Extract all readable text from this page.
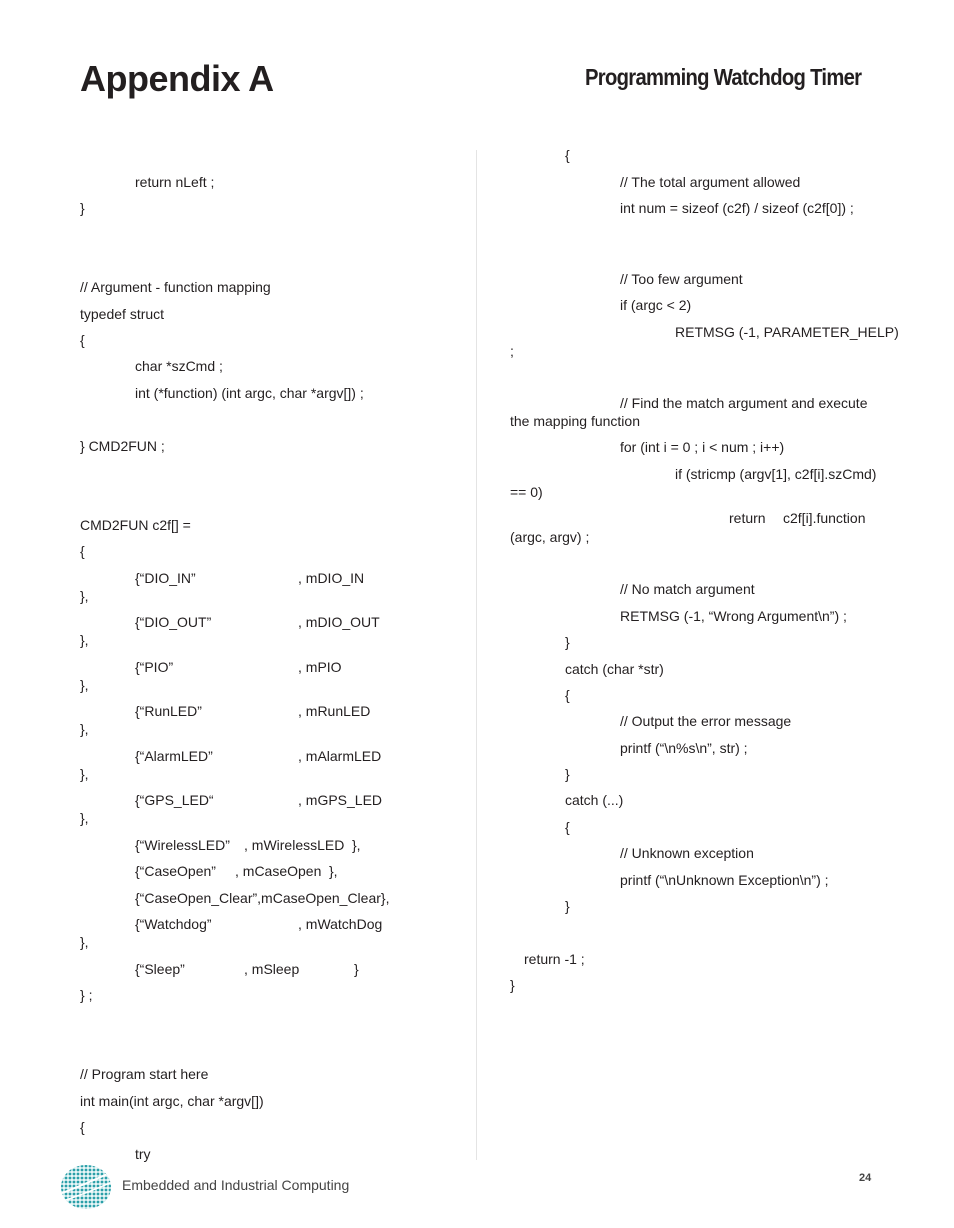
Appendix A	Programming Watchdog Timer
return nLeft ;
}
// Argument - function mapping
typedef struct
{
char *szCmd ;
int (*function) (int argc, char *argv[]) ;
} CMD2FUN ;
CMD2FUN c2f[] =
{
{“DIO_IN”	, mDIO_IN
},
{“DIO_OUT”	, mDIO_OUT
},
{“PIO”	, mPIO
},
{“RunLED”	, mRunLED
},
{“AlarmLED”	, mAlarmLED
},
{“GPS_LED“	, mGPS_LED
},
{“WirelessLED” , mWirelessLED },
{“CaseOpen” , mCaseOpen },
{“CaseOpen_Clear”,mCaseOpen_Clear},
{“Watchdog”	, mWatchDog
},
{“Sleep”	, mSleep	}
} ;
// Program start here
int main(int argc, char *argv[])
{
try
{
// The total argument allowed
int num = sizeof (c2f) / sizeof (c2f[0]) ;
// Too few argument
if (argc < 2)
RETMSG (-1, PARAMETER_HELP)
;
// Find the match argument and execute
the mapping function
for (int i = 0 ; i < num ; i++)
if (stricmp (argv[1], c2f[i].szCmd)
== 0)
return c2f[i].function
(argc, argv) ;
// No match argument
RETMSG (-1, “Wrong Argument\n”) ;
}
catch (char *str)
{
// Output the error message
printf (“\n%s\n”, str) ;
}
catch (...)
{
// Unknown exception
printf (“\nUnknown Exception\n”) ;
}
return -1 ;
}
Embedded and Industrial Computing	24
